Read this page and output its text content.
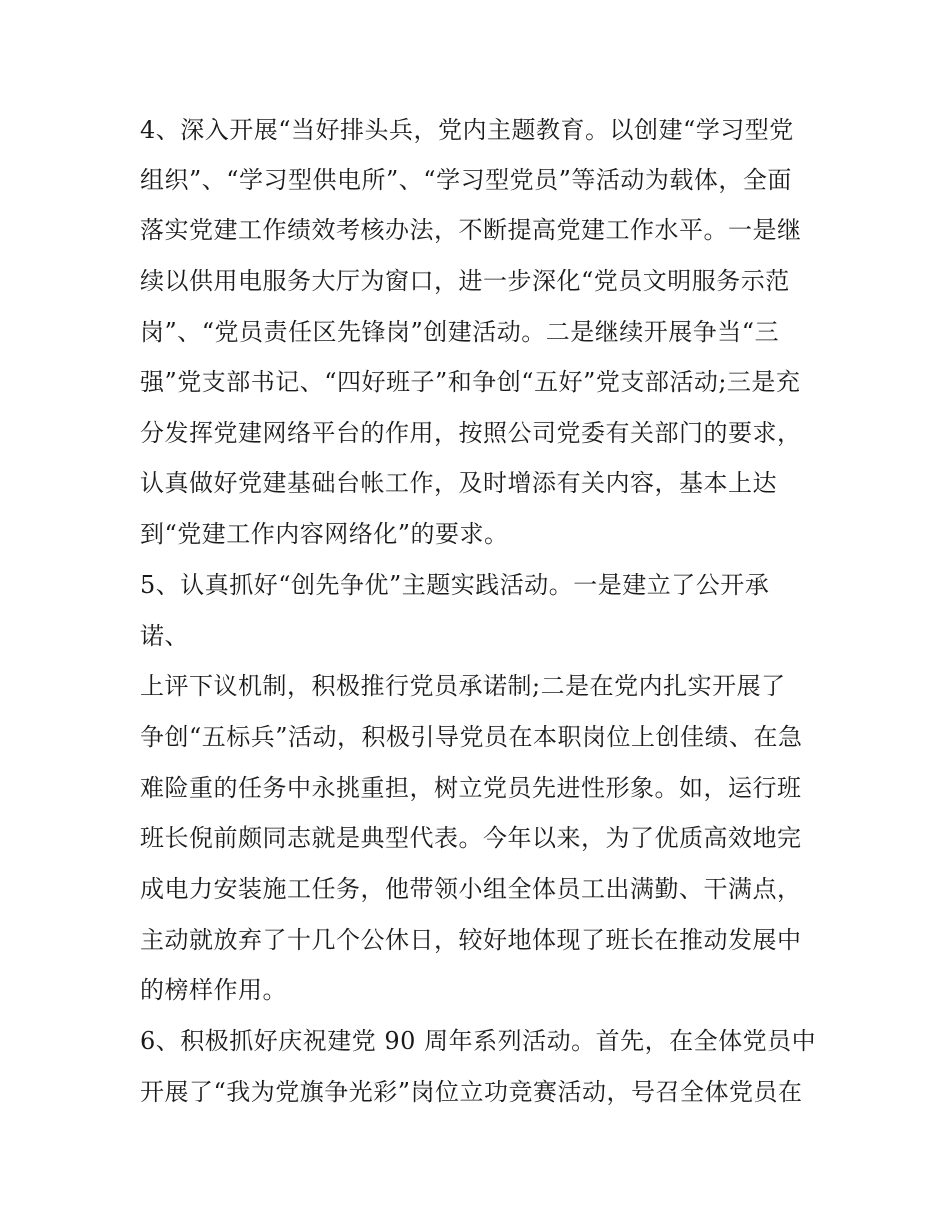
4、深入开展“当好排头兵，党内主题教育。以创建“学习型党
组织”、“学习型供电所”、“学习型党员”等活动为载体，全面
落实党建工作绩效考核办法，不断提高党建工作水平。一是继
续以供用电服务大厅为窗口，进一步深化“党员文明服务示范
岗”、“党员责任区先锋岗”创建活动。二是继续开展争当“三
强”党支部书记、“四好班子”和争创“五好”党支部活动;三是充
分发挥党建网络平台的作用，按照公司党委有关部门的要求，
认真做好党建基础台帐工作，及时增添有关内容，基本上达
到“党建工作内容网络化”的要求。
5、认真抓好“创先争优”主题实践活动。一是建立了公开承
诺、
上评下议机制，积极推行党员承诺制;二是在党内扎实开展了
争创“五标兵”活动，积极引导党员在本职岗位上创佳绩、在急
难险重的任务中永挑重担，树立党员先进性形象。如，运行班
班长倪前颇同志就是典型代表。今年以来，为了优质高效地完
成电力安装施工任务，他带领小组全体员工出满勤、干满点，
主动就放弃了十几个公休日，较好地体现了班长在推动发展中
的榜样作用。
6、积极抓好庆祝建党 90 周年系列活动。首先，在全体党员中
开展了“我为党旗争光彩”岗位立功竞赛活动，号召全体党员在
